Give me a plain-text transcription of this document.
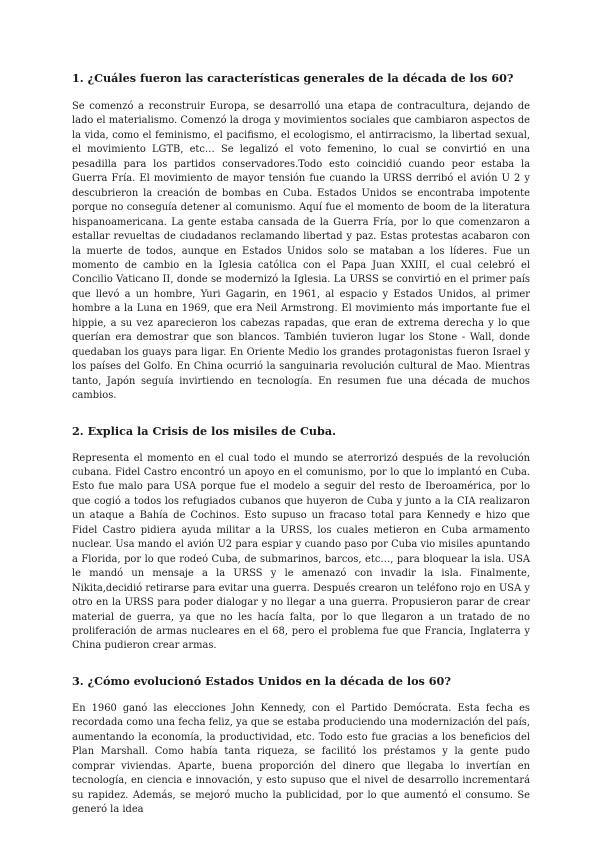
1. ¿Cuáles fueron las características generales de la década de los 60?

Se comenzó a reconstruir Europa, se desarrolló una etapa de contracultura, dejando de lado el materialismo. Comenzó la droga y movimientos sociales que cambiaron aspectos de la vida, como el feminismo, el pacifismo, el ecologismo, el antirracismo, la libertad sexual, el movimiento LGTB, etc… Se legalizó el voto femenino, lo cual se convirtió en una pesadilla para los partidos conservadores.Todo esto coincidió cuando peor estaba la Guerra Fría. El movimiento de mayor tensión fue cuando la URSS derribó el avión U 2 y descubrieron la creación de bombas en Cuba. Estados Unidos se encontraba impotente porque no conseguía detener al comunismo. Aquí fue el momento de boom de la literatura hispanoamericana. La gente estaba cansada de la Guerra Fría, por lo que comenzaron a estallar revueltas de ciudadanos reclamando libertad y paz. Estas protestas acabaron con la muerte de todos, aunque en Estados Unidos solo se mataban a los líderes. Fue un momento de cambio en la Iglesia católica con el Papa Juan XXIII, el cual celebró el Concilio Vaticano II, donde se modernizó la Iglesia. La URSS se convirtió en el primer país que llevó a un hombre, Yuri Gagarin, en 1961, al espacio y Estados Unidos, al primer hombre a la Luna en 1969, que era Neil Armstrong. El movimiento más importante fue el hippie, a su vez aparecieron los cabezas rapadas, que eran de extrema derecha y lo que querían era demostrar que son blancos. También tuvieron lugar los Stone - Wall, donde quedaban los guays para ligar. En Oriente Medio los grandes protagonistas fueron Israel y los países del Golfo. En China ocurrió la sanguinaria revolución cultural de Mao. Mientras tanto, Japón seguía invirtiendo en tecnología. En resumen fue una década de muchos cambios.

2. Explica la Crisis de los misiles de Cuba.

Representa el momento en el cual todo el mundo se aterrorizó después de la revolución cubana. Fidel Castro encontró un apoyo en el comunismo, por lo que lo implantó en Cuba. Esto fue malo para USA porque fue el modelo a seguir del resto de Iberoamérica, por lo que cogió a todos los refugiados cubanos que huyeron de Cuba y junto a la CIA realizaron un ataque a Bahía de Cochinos. Esto supuso un fracaso total para Kennedy e hizo que Fidel Castro pidiera ayuda militar a la URSS, los cuales metieron en Cuba armamento nuclear. Usa mando el avión U2 para espiar y cuando paso por Cuba vio misiles apuntando a Florida, por lo que rodeó Cuba, de submarinos, barcos, etc…, para bloquear la isla. USA le mandó un mensaje a la URSS y le amenazó con invadir la isla. Finalmente, Nikita,decidió retirarse para evitar una guerra. Después crearon un teléfono rojo en USA y otro en la URSS para poder dialogar y no llegar a una guerra. Propusieron parar de crear material de guerra, ya que no les hacía falta, por lo que llegaron a un tratado de no proliferación de armas nucleares en el 68, pero el problema fue que Francia, Inglaterra y China pudieron crear armas.

3. ¿Cómo evolucionó Estados Unidos en la década de los 60?

En 1960 ganó las elecciones John Kennedy, con el Partido Demócrata. Esta fecha es recordada como una fecha feliz, ya que se estaba produciendo una modernización del país, aumentando la economía, la productividad, etc. Todo esto fue gracias a los beneficios del Plan Marshall. Como había tanta riqueza, se facilitó los préstamos y la gente pudo comprar viviendas. Aparte, buena proporción del dinero que llegaba lo invertían en tecnología, en ciencia e innovación, y esto supuso que el nivel de desarrollo incrementará su rapidez. Además, se mejoró mucho la publicidad, por lo que aumentó el consumo. Se generó la idea
